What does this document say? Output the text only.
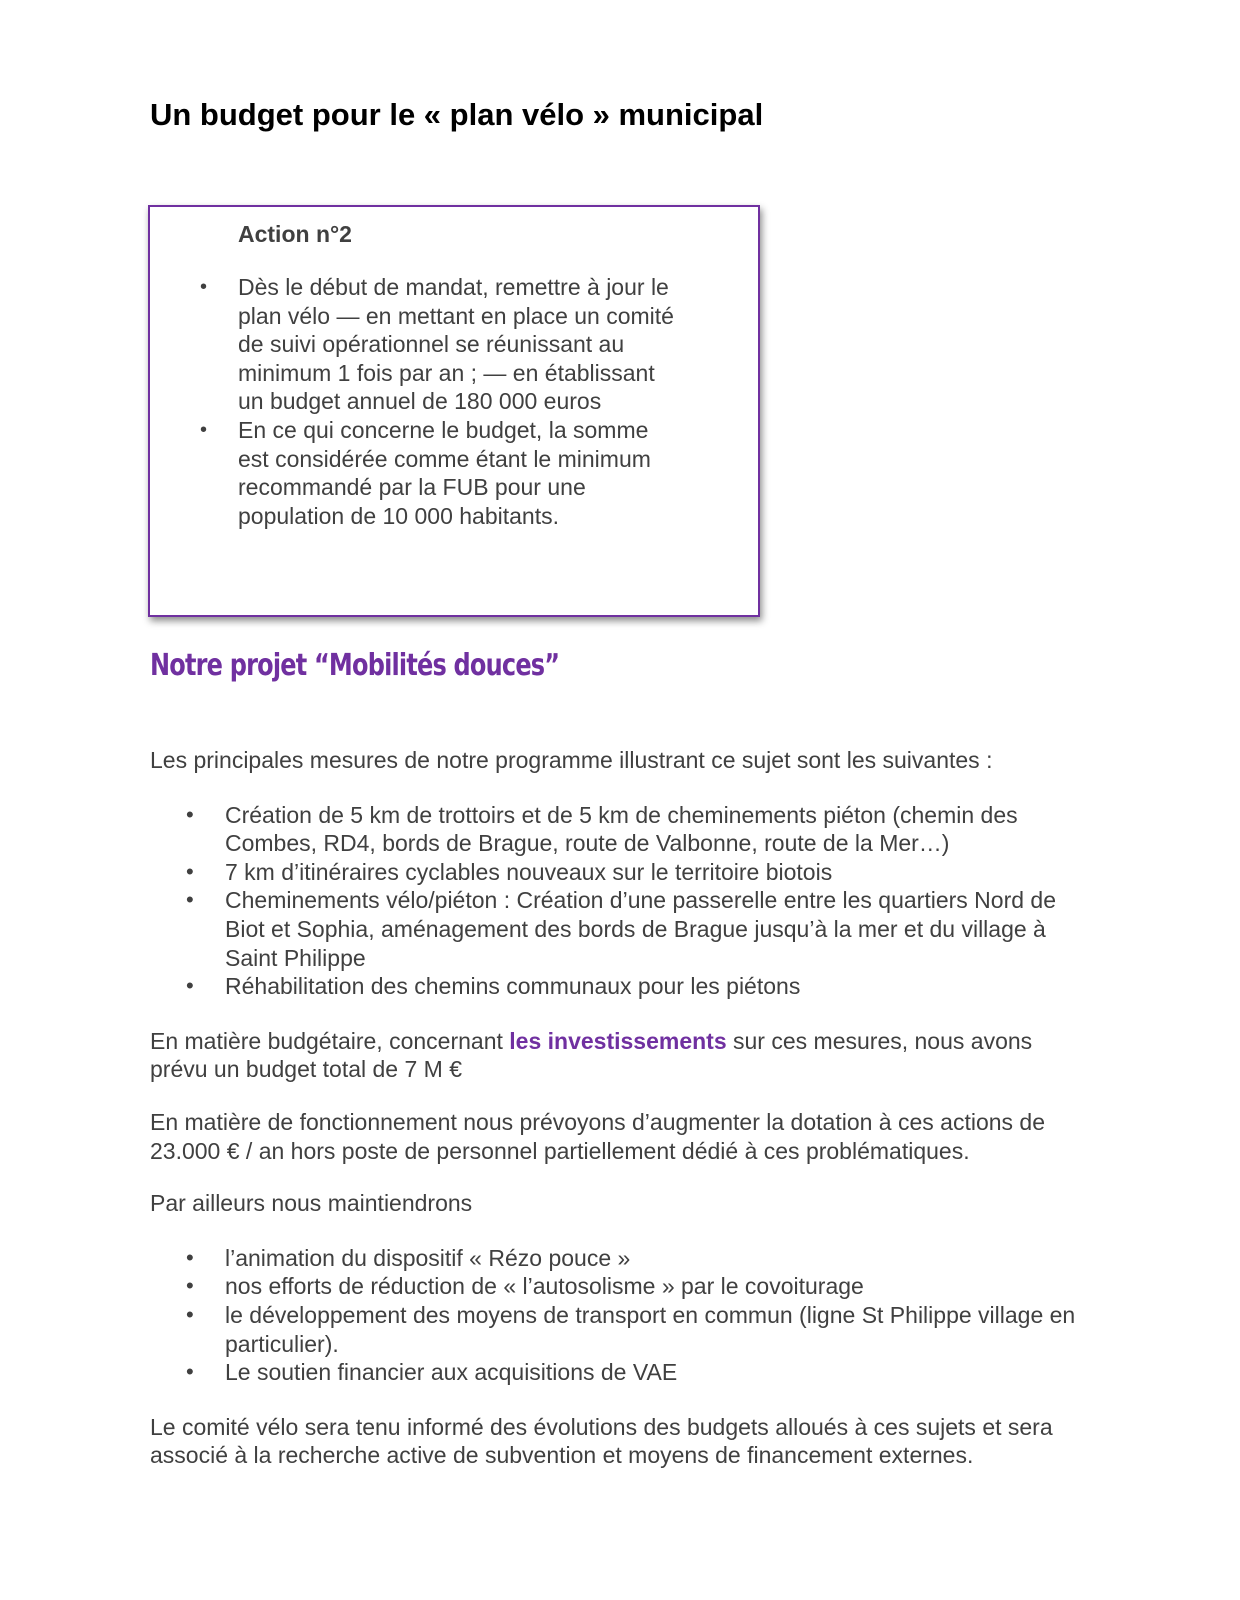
Un budget pour le « plan vélo » municipal
Action n°2
• Dès le début de mandat, remettre à jour le plan vélo — en mettant en place un comité de suivi opérationnel se réunissant au minimum 1 fois par an ; — en établissant un budget annuel de 180 000 euros
• En ce qui concerne le budget, la somme est considérée comme étant le minimum recommandé par la FUB pour une population de 10 000 habitants.
Notre projet “Mobilités douces”

Les principales mesures de notre programme illustrant ce sujet sont les suivantes :

• Création de 5 km de trottoirs et de 5 km de cheminements piéton (chemin des Combes, RD4, bords de Brague, route de Valbonne, route de la Mer…)
• 7 km d’itinéraires cyclables nouveaux sur le territoire biotois
• Cheminements vélo/piéton : Création d’une passerelle entre les quartiers Nord de Biot et Sophia, aménagement des bords de Brague jusqu’à la mer et du village à Saint Philippe
• Réhabilitation des chemins communaux pour les piétons

En matière budgétaire, concernant les investissements sur ces mesures, nous avons prévu un budget total de 7 M €

En matière de fonctionnement nous prévoyons d’augmenter la dotation à ces actions de 23.000 € / an hors poste de personnel partiellement dédié à ces problématiques.

Par ailleurs nous maintiendrons

• l’animation du dispositif « Rézo pouce »
• nos efforts de réduction de « l’autosolisme » par le covoiturage
• le développement des moyens de transport en commun (ligne St Philippe village en particulier).
• Le soutien financier aux acquisitions de VAE

Le comité vélo sera tenu informé des évolutions des budgets alloués à ces sujets et sera associé à la recherche active de subvention et moyens de financement externes.
